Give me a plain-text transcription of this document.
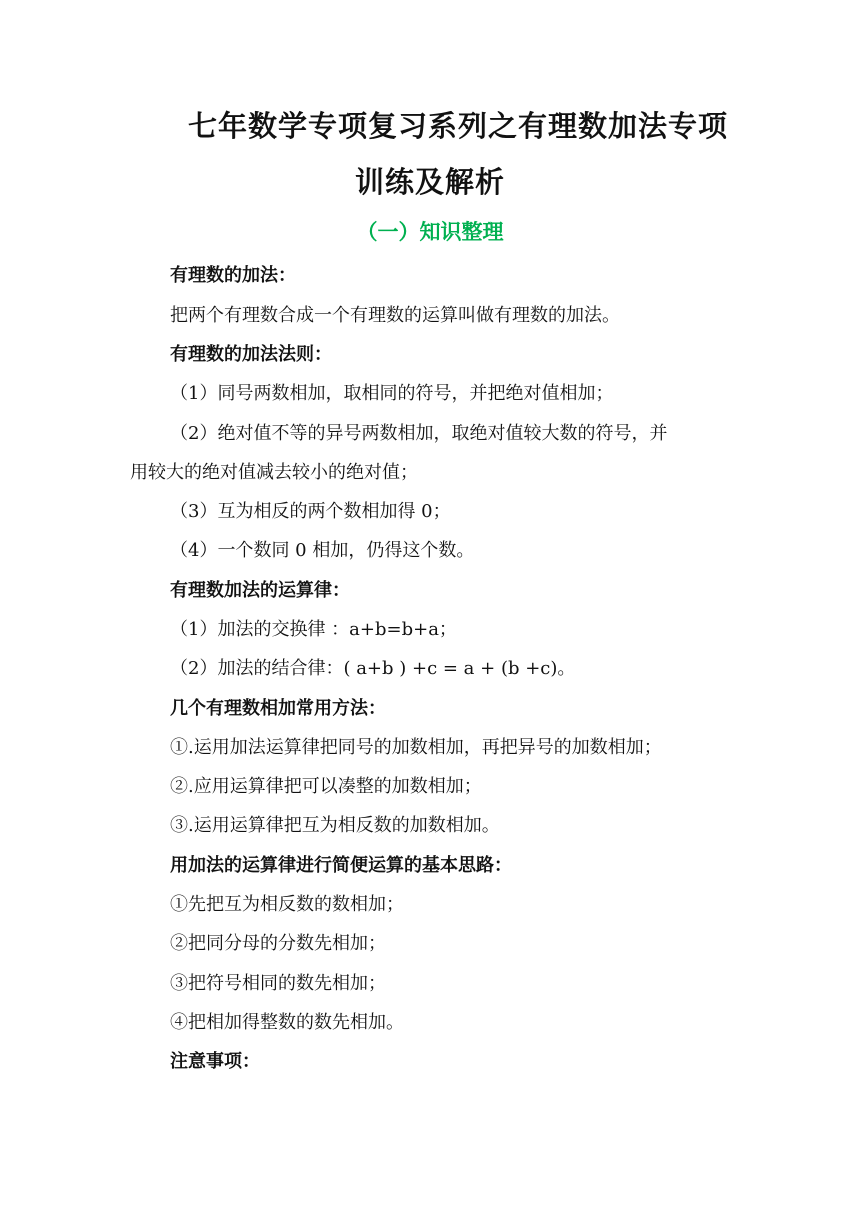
七年数学专项复习系列之有理数加法专项
训练及解析
（一）知识整理
有理数的加法：
把两个有理数合成一个有理数的运算叫做有理数的加法。
有理数的加法法则：
（1）同号两数相加，取相同的符号，并把绝对值相加；
（2）绝对值不等的异号两数相加，取绝对值较大数的符号，并
用较大的绝对值减去较小的绝对值；
（3）互为相反的两个数相加得 0；
（4）一个数同 0 相加，仍得这个数。
有理数加法的运算律：
（1）加法的交换律 ：a+b=b+a；
（2）加法的结合律：( a+b ) +c = a + (b +c)。
几个有理数相加常用方法：
①.运用加法运算律把同号的加数相加，再把异号的加数相加；
②.应用运算律把可以凑整的加数相加；
③.运用运算律把互为相反数的加数相加。
用加法的运算律进行简便运算的基本思路：
①先把互为相反数的数相加；
②把同分母的分数先相加；
③把符号相同的数先相加；
④把相加得整数的数先相加。
注意事项：
